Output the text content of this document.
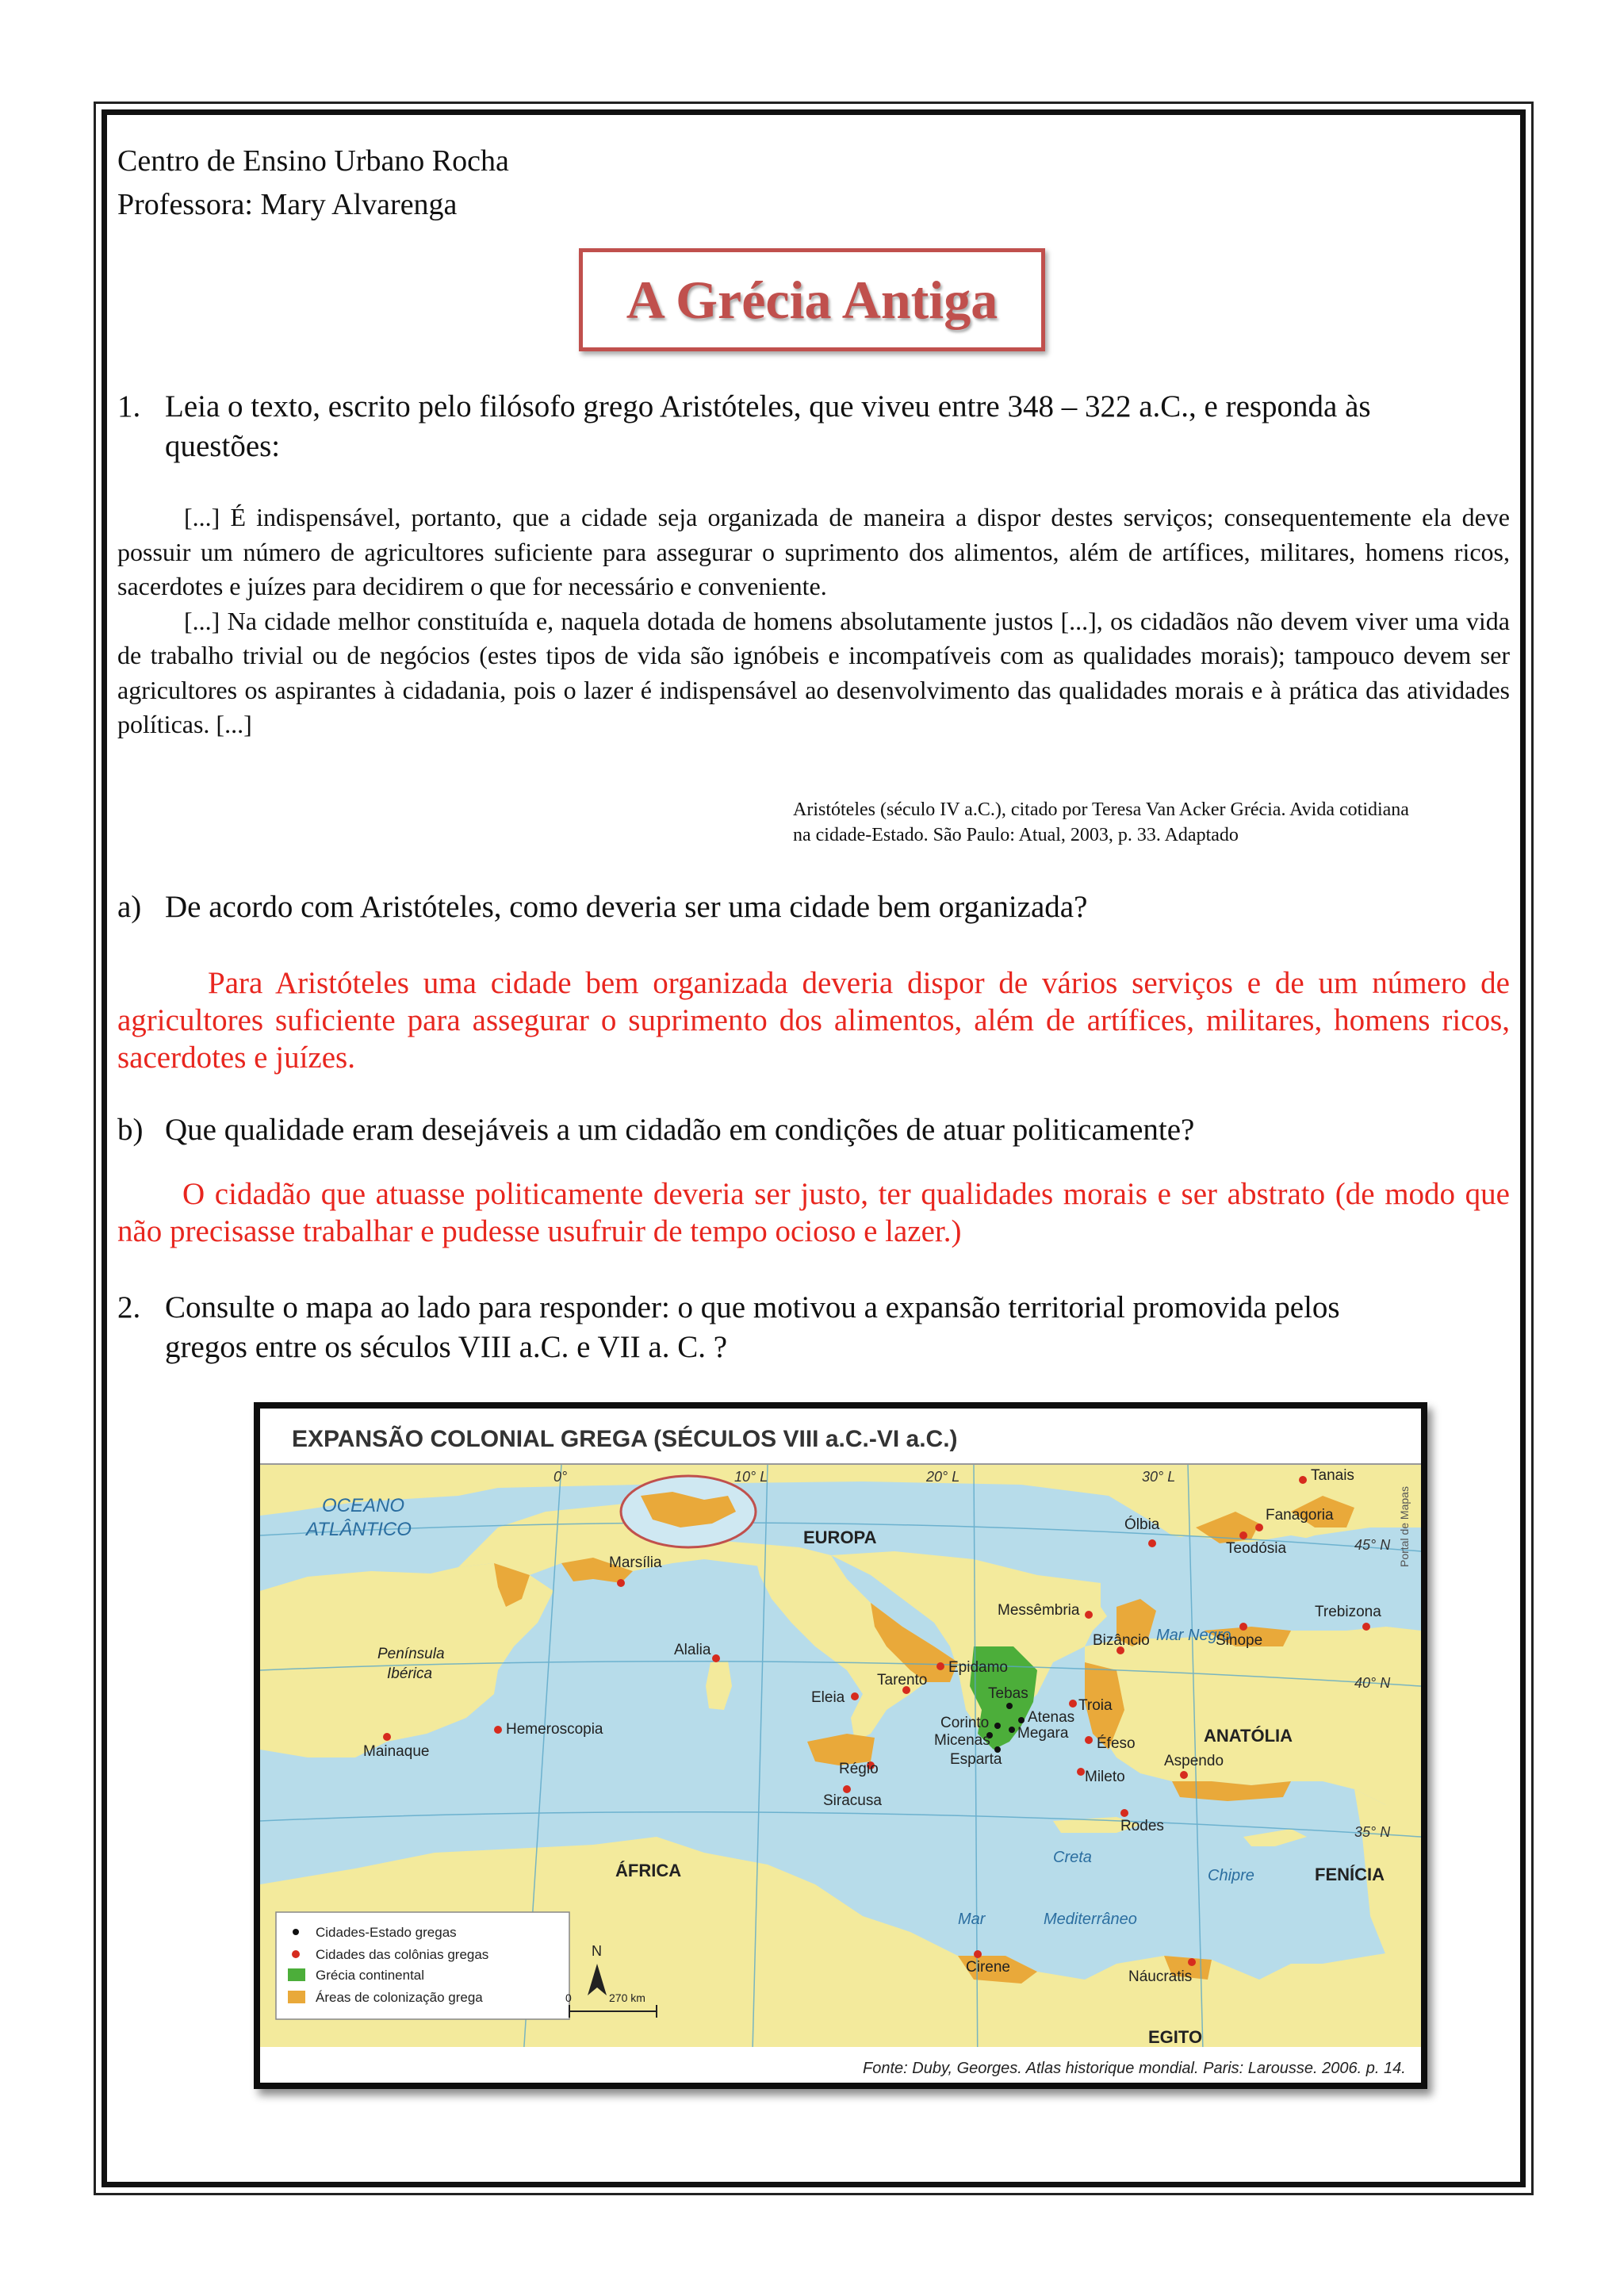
Centro de Ensino Urbano Rocha
Professora: Mary Alvarenga
A Grécia Antiga
1. Leia o texto, escrito pelo filósofo grego Aristóteles, que viveu entre 348 – 322 a.C., e responda às
questões:

[...] É indispensável, portanto, que a cidade seja organizada de maneira a dispor destes serviços; consequentemente ela deve possuir um número de agricultores suficiente para assegurar o suprimento dos alimentos, além de artífices, militares, homens ricos, sacerdotes e juízes para decidirem o que for necessário e conveniente.

[...] Na cidade melhor constituída e, naquela dotada de homens absolutamente justos [...], os cidadãos não devem viver uma vida de trabalho trivial ou de negócios (estes tipos de vida são ignóbeis e incompatíveis com as qualidades morais); tampouco devem ser agricultores os aspirantes à cidadania, pois o lazer é indispensável ao desenvolvimento das qualidades morais e à prática das atividades políticas. [...]

Aristóteles (século IV a.C.), citado por Teresa Van Acker Grécia. Avida cotidiana
na cidade-Estado. São Paulo: Atual, 2003, p. 33. Adaptado
a) De acordo com Aristóteles, como deveria ser uma cidade bem organizada?

Para Aristóteles uma cidade bem organizada deveria dispor de vários serviços e de um número de agricultores suficiente para assegurar o suprimento dos alimentos, além de artífices, militares, homens ricos, sacerdotes e juízes.

b) Que qualidade eram desejáveis a um cidadão em condições de atuar politicamente?

O cidadão que atuasse politicamente deveria ser justo, ter qualidades morais e ser abstrato (de modo que não precisasse trabalhar e pudesse usufruir de tempo ocioso e lazer.)

2. Consulte o mapa ao lado para responder: o que motivou a expansão territorial promovida pelos
gregos entre os séculos VIII a.C. e VII a. C. ?
EXPANSÃO COLONIAL GREGA (SÉCULOS VIII a.C.-VI a.C.)
Portal de Mapas
0°	10° L	20° L	30° L
45° N
40° N
35° N
OCEANO
ATLÂNTICO	EUROPA
ÁFRICA
ANATÓLIA
FENÍCIA
EGITO
Península
Ibérica
Mar Negro
Mar	Mediterrâneo
Creta
Chipre
Tanais
Fanagoria
Teodósia
Ólbia
Marsília
Messêmbria	Trebizona
Sinope
Alalia
Bizâncio
Epidamo
Tarento
Eleia	Troia
Mainaque
Hemeroscopia
Éfeso
Aspendo
Mileto
Régio
Siracusa
Rodes
Cirene
Náucratis
Tebas
Atenas
Corinto
Megara
Micenas
Esparta
Cidades-Estado gregas
Cidades das colônias gregas
Grécia continental
Áreas de colonização grega
N
0	270 km
Fonte: Duby, Georges. Atlas historique mondial. Paris: Larousse. 2006. p. 14.
